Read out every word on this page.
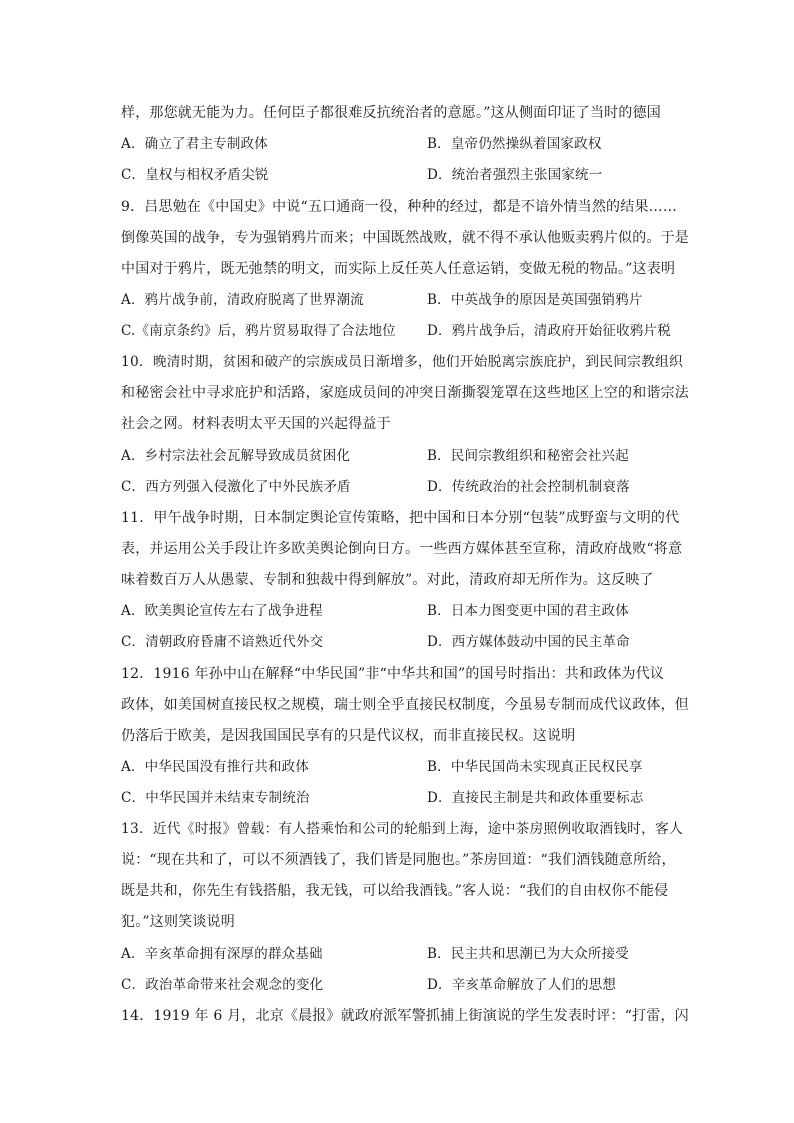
样，那您就无能为力。任何臣子都很难反抗统治者的意愿。”这从侧面印证了当时的德国
A．确立了君主专制政体	B．皇帝仍然操纵着国家政权
C．皇权与相权矛盾尖锐	D．统治者强烈主张国家统一
9．吕思勉在《中国史》中说“五口通商一役，种种的经过，都是不谙外情当然的结果……
倒像英国的战争，专为强销鸦片而来；中国既然战败，就不得不承认他贩卖鸦片似的。于是
中国对于鸦片，既无弛禁的明文，而实际上反任英人任意运销，变做无税的物品。”这表明
A．鸦片战争前，清政府脱离了世界潮流	B．中英战争的原因是英国强销鸦片
C.《南京条约》后，鸦片贸易取得了合法地位 D．鸦片战争后，清政府开始征收鸦片税
10．晚清时期，贫困和破产的宗族成员日渐增多，他们开始脱离宗族庇护，到民间宗教组织
和秘密会社中寻求庇护和活路，家庭成员间的冲突日渐撕裂笼罩在这些地区上空的和谐宗法
社会之网。材料表明太平天国的兴起得益于
A．乡村宗法社会瓦解导致成员贫困化	B．民间宗教组织和秘密会社兴起
C．西方列强入侵激化了中外民族矛盾	D．传统政治的社会控制机制衰落
11．甲午战争时期，日本制定舆论宣传策略，把中国和日本分别“包装”成野蛮与文明的代
表，并运用公关手段让许多欧美舆论倒向日方。一些西方媒体甚至宣称，清政府战败“将意
味着数百万人从愚蒙、专制和独裁中得到解放”。对此，清政府却无所作为。这反映了
A．欧美舆论宣传左右了战争进程	B．日本力图变更中国的君主政体
C．清朝政府昏庸不谙熟近代外交	D．西方媒体鼓动中国的民主革命
12．1916 年孙中山在解释“中华民国”非“中华共和国”的国号时指出：共和政体为代议
政体，如美国树直接民权之规模，瑞士则全乎直接民权制度，今虽易专制而成代议政体，但
仍落后于欧美，是因我国国民享有的只是代议权，而非直接民权。这说明
A．中华民国没有推行共和政体	B．中华民国尚未实现真正民权民享
C．中华民国并未结束专制统治	D．直接民主制是共和政体重要标志
13．近代《时报》曾载：有人搭乘怡和公司的轮船到上海，途中茶房照例收取酒钱时，客人
说：“现在共和了，可以不须酒钱了，我们皆是同胞也。”茶房回道：“我们酒钱随意所给，
既是共和，你先生有钱搭船，我无钱，可以给我酒钱。”客人说：“我们的自由权你不能侵
犯。”这则笑谈说明
A．辛亥革命拥有深厚的群众基础	B．民主共和思潮已为大众所接受
C．政治革命带来社会观念的变化	D．辛亥革命解放了人们的思想
14．1919 年 6 月，北京《晨报》就政府派军警抓捕上街演说的学生发表时评：“打雷，闪
